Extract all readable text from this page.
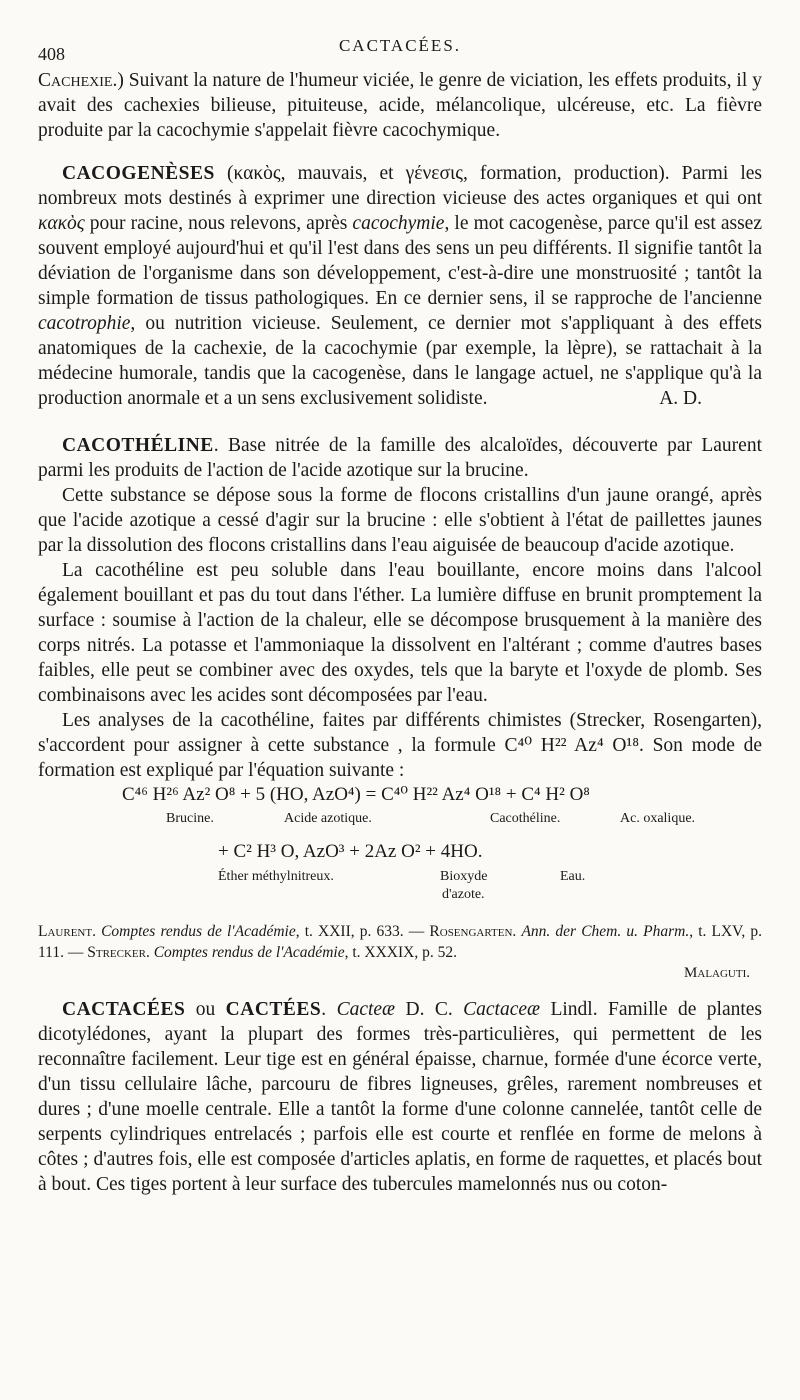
408	CACTACÉES.

Cachexie.) Suivant la nature de l'humeur viciée, le genre de viciation, les effets produits, il y avait des cachexies bilieuse, pituiteuse, acide, mélancolique, ulcéreuse, etc. La fièvre produite par la cacochymie s'appelait fièvre cacochymique.

CACOGENÈSES (κακὸς, mauvais, et γένεσις, formation, production). Parmi les nombreux mots destinés à exprimer une direction vicieuse des actes organiques et qui ont κακὸς pour racine, nous relevons, après cacochymie, le mot cacogenèse, parce qu'il est assez souvent employé aujourd'hui et qu'il l'est dans des sens un peu différents. Il signifie tantôt la déviation de l'organisme dans son développement, c'est-à-dire une monstruosité ; tantôt la simple formation de tissus pathologiques. En ce dernier sens, il se rapproche de l'ancienne cacotrophie, ou nutrition vicieuse. Seulement, ce dernier mot s'appliquant à des effets anatomiques de la cachexie, de la cacochymie (par exemple, la lèpre), se rattachait à la médecine humorale, tandis que la cacogenèse, dans le langage actuel, ne s'applique qu'à la production anormale et a un sens exclusivement solidiste.	A. D.

CACOTHÉLINE. Base nitrée de la famille des alcaloïdes, découverte par Laurent parmi les produits de l'action de l'acide azotique sur la brucine.

Cette substance se dépose sous la forme de flocons cristallins d'un jaune orangé, après que l'acide azotique a cessé d'agir sur la brucine : elle s'obtient à l'état de paillettes jaunes par la dissolution des flocons cristallins dans l'eau aiguisée de beaucoup d'acide azotique.

La cacothéline est peu soluble dans l'eau bouillante, encore moins dans l'alcool également bouillant et pas du tout dans l'éther. La lumière diffuse en brunit promptement la surface : soumise à l'action de la chaleur, elle se décompose brusquement à la manière des corps nitrés. La potasse et l'ammoniaque la dissolvent en l'altérant ; comme d'autres bases faibles, elle peut se combiner avec des oxydes, tels que la baryte et l'oxyde de plomb. Ses combinaisons avec les acides sont décomposées par l'eau.

Les analyses de la cacothéline, faites par différents chimistes (Strecker, Rosengarten), s'accordent pour assigner à cette substance , la formule C⁴⁰ H²² Az⁴ O¹⁸. Son mode de formation est expliqué par l'équation suivante :

C⁴⁶ H²⁶ Az² O⁸ + 5 (HO, AzO⁴) = C⁴⁰ H²² Az⁴ O¹⁸ + C⁴ H² O⁸
Brucine.	Acide azotique.	Cacothéline.	Ac. oxalique.
+ C² H³ O, AzO³ + 2Az O² + 4HO.
Éther méthylnitreux.	Bioxyde
d'azote.
Eau.

Laurent. Comptes rendus de l'Académie, t. XXII, p. 633. — Rosengarten. Ann. der Chem. u. Pharm., t. LXV, p. 111. — Strecker. Comptes rendus de l'Académie, t. XXXIX, p. 52.

Malaguti.

CACTACÉES ou CACTÉES. Cacteæ D. C. Cactaceæ Lindl. Famille de plantes dicotylédones, ayant la plupart des formes très-particulières, qui permettent de les reconnaître facilement. Leur tige est en général épaisse, charnue, formée d'une écorce verte, d'un tissu cellulaire lâche, parcouru de fibres ligneuses, grêles, rarement nombreuses et dures ; d'une moelle centrale. Elle a tantôt la forme d'une colonne cannelée, tantôt celle de serpents cylindriques entrelacés ; parfois elle est courte et renflée en forme de melons à côtes ; d'autres fois, elle est composée d'articles aplatis, en forme de raquettes, et placés bout à bout. Ces tiges portent à leur surface des tubercules mamelonnés nus ou coton-
